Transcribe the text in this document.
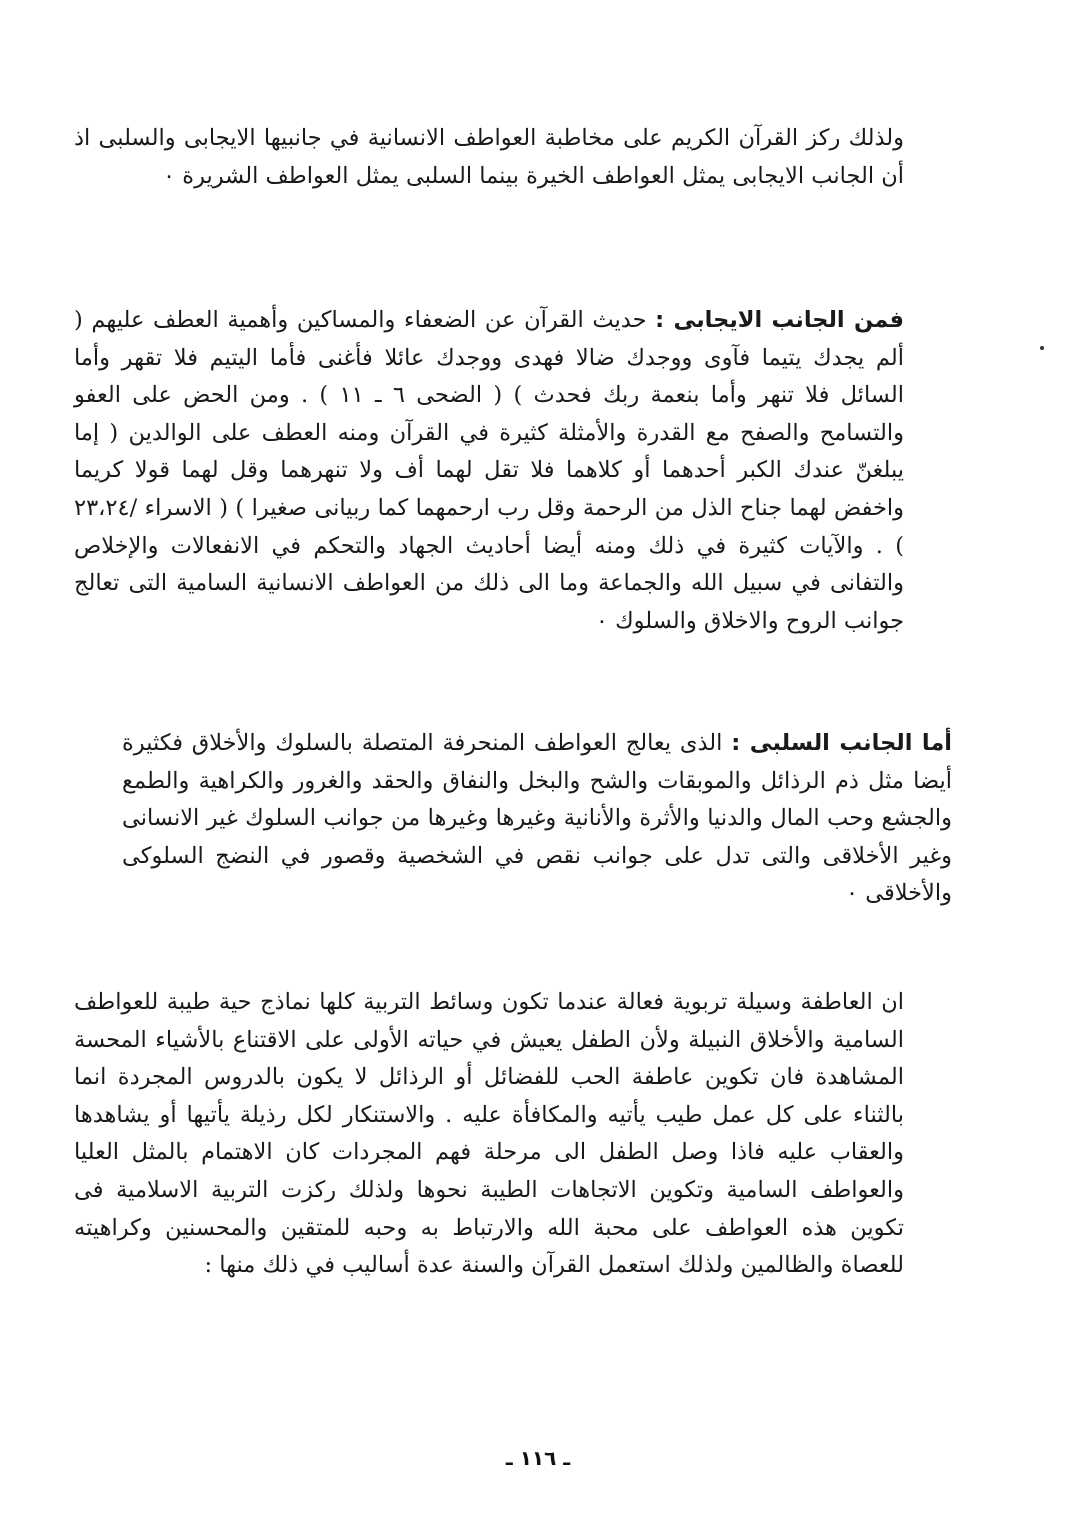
ولذلك ركز القرآن الكريم على مخاطبة العواطف الانسانية في جانبيها الايجابى والسلبى اذ أن الجانب الايجابى يمثل العواطف الخيرة بينما السلبى يمثل العواطف الشريرة ٠

فمن الجانب الايجابى : حديث القرآن عن الضعفاء والمساكين وأهمية العطف عليهم ( ألم يجدك يتيما فآوى ووجدك ضالا فهدى ووجدك عائلا فأغنى فأما اليتيم فلا تقهر وأما السائل فلا تنهر وأما بنعمة ربك فحدث ) ( الضحى ٦ ـ ١١ ) . ومن الحض على العفو والتسامح والصفح مع القدرة والأمثلة كثيرة في القرآن ومنه العطف على الوالدين ( إما يبلغنّ عندك الكبر أحدهما أو كلاهما فلا تقل لهما أف ولا تنهرهما وقل لهما قولا كريما واخفض لهما جناح الذل من الرحمة وقل رب ارحمهما كما ربيانى صغيرا ) ( الاسراء /٢٣،٢٤ ) . والآيات كثيرة في ذلك ومنه أيضا أحاديث الجهاد والتحكم في الانفعالات والإخلاص والتفانى في سبيل الله والجماعة وما الى ذلك من العواطف الانسانية السامية التى تعالج جوانب الروح والاخلاق والسلوك ٠

أما الجانب السلبى : الذى يعالج العواطف المنحرفة المتصلة بالسلوك والأخلاق فكثيرة أيضا مثل ذم الرذائل والموبقات والشح والبخل والنفاق والحقد والغرور والكراهية والطمع والجشع وحب المال والدنيا والأثرة والأنانية وغيرها وغيرها من جوانب السلوك غير الانسانى وغير الأخلاقى والتى تدل على جوانب نقص في الشخصية وقصور في النضج السلوكى والأخلاقى ٠

ان العاطفة وسيلة تربوية فعالة عندما تكون وسائط التربية كلها نماذج حية طيبة للعواطف السامية والأخلاق النبيلة ولأن الطفل يعيش في حياته الأولى على الاقتناع بالأشياء المحسة المشاهدة فان تكوين عاطفة الحب للفضائل أو الرذائل لا يكون بالدروس المجردة انما بالثناء على كل عمل طيب يأتيه والمكافأة عليه . والاستنكار لكل رذيلة يأتيها أو يشاهدها والعقاب عليه فاذا وصل الطفل الى مرحلة فهم المجردات كان الاهتمام بالمثل العليا والعواطف السامية وتكوين الاتجاهات الطيبة نحوها ولذلك ركزت التربية الاسلامية فى تكوين هذه العواطف على محبة الله والارتباط به وحبه للمتقين والمحسنين وكراهيته للعصاة والظالمين ولذلك استعمل القرآن والسنة عدة أساليب في ذلك منها :

ـ ١١٦ ـ
